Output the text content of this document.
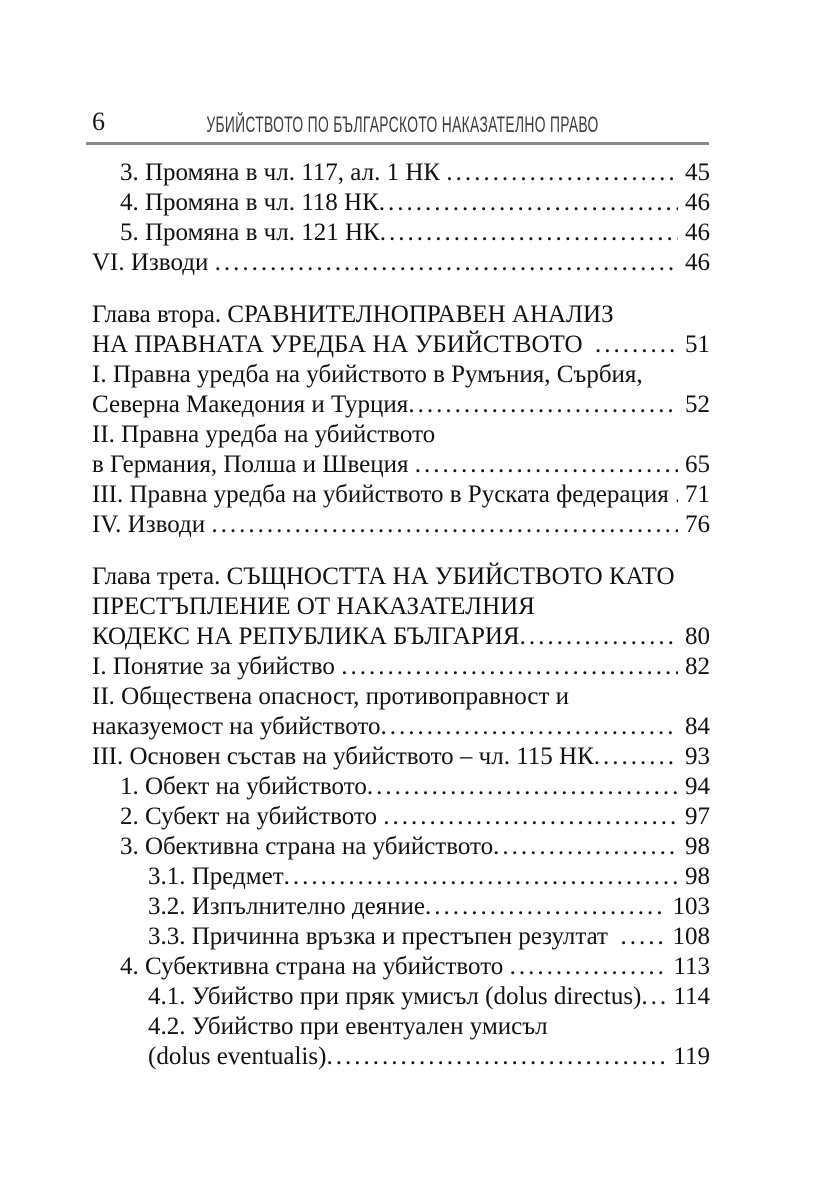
6	УБИЙСТВОТО ПО БЪЛГАРСКОТО НАКАЗАТЕЛНО ПРАВО
3. Промяна в чл. 117, ал. 1 НК .....	45
4. Промяна в чл. 118 НК .....	46
5. Промяна в чл. 121 НК .....	46
VI. Изводи .....	46
Глава втора. СРАВНИТЕЛНОПРАВЕН АНАЛИЗ
НА ПРАВНАТА УРЕДБА НА УБИЙСТВОТО .....	51
I. Правна уредба на убийството в Румъния, Сърбия,
Северна Македония и Турция .....	52
II. Правна уредба на убийството
в Германия, Полша и Швеция .....	65
III. Правна уредба на убийството в Руската федерация ..... 71
IV. Изводи .....	76
Глава трета. СЪЩНОСТТА НА УБИЙСТВОТО КАТО
ПРЕСТЪПЛЕНИЕ ОТ НАКАЗАТЕЛНИЯ
КОДЕКС НА РЕПУБЛИКА БЪЛГАРИЯ .....	80
I. Понятие за убийство .....	82
II. Обществена опасност, противоправност и
наказуемост на убийството .....	84
III. Основен състав на убийството – чл. 115 НК .....	93
1. Обект на убийството .....	94
2. Субект на убийството .....	97
3. Обективна страна на убийството .....	98
3.1. Предмет .....	98
3.2. Изпълнително деяние .....	103
3.3. Причинна връзка и престъпен резултат ..... 108
4. Субективна страна на убийството .....	113
4.1. Убийство при пряк умисъл (dolus directus) ..... 114
4.2. Убийство при евентуален умисъл
(dolus eventualis) .....	119
